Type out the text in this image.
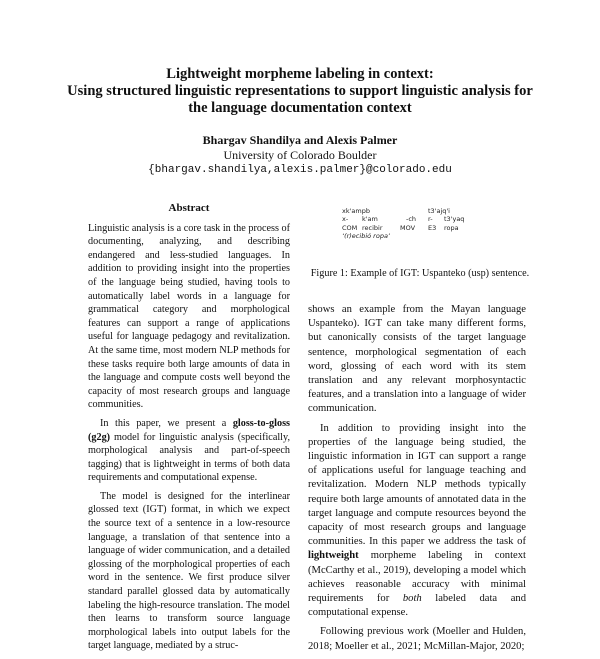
Lightweight morpheme labeling in context:
Using structured linguistic representations to support linguistic analysis for
the language documentation context
Bhargav Shandilya and Alexis Palmer
University of Colorado Boulder
{bhargav.shandilya,alexis.palmer}@colorado.edu
Abstract

Linguistic analysis is a core task in the process of documenting, analyzing, and describing endangered and less-studied languages. In addition to providing insight into the properties of the language being studied, having tools to automatically label words in a language for grammatical category and morphological features can support a range of applications useful for language pedagogy and revitalization. At the same time, most modern NLP methods for these tasks require both large amounts of data in the language and compute costs well beyond the capacity of most research groups and language communities.

In this paper, we present a gloss-to-gloss (g2g) model for linguistic analysis (specifically, morphological analysis and part-of-speech tagging) that is lightweight in terms of both data requirements and computational expense.

The model is designed for the interlinear glossed text (IGT) format, in which we expect the source text of a sentence in a low-resource language, a translation of that sentence into a language of wider communication, and a detailed glossing of the morphological properties of each word in the sentence. We first produce silver standard parallel glossed data by automatically labeling the high-resource translation. The model then learns to transform source language morphological labels into output labels for the target language, mediated by a struc-

xk'ampb	t3'ajq'i
x- k'am	-ch r- t3'yaq
COM recibir	MOV E3 ropa
‘(r)ecibió ropa’
Figure 1: Example of IGT: Uspanteko (usp) sentence.

shows an example from the Mayan language Uspanteko). IGT can take many different forms, but canonically consists of the target language sentence, morphological segmentation of each word, glossing of each word with its stem translation and any relevant morphosyntactic features, and a translation into a language of wider communication.

In addition to providing insight into the properties of the language being studied, the linguistic information in IGT can support a range of applications useful for language teaching and revitalization. Modern NLP methods typically require both large amounts of annotated data in the target language and compute resources beyond the capacity of most research groups and language communities. In this paper we address the task of lightweight morpheme labeling in context (McCarthy et al., 2019), developing a model which achieves reasonable accuracy with minimal requirements for both labeled data and computational expense.

Following previous work (Moeller and Hulden, 2018; Moeller et al., 2021; McMillan-Major, 2020;
